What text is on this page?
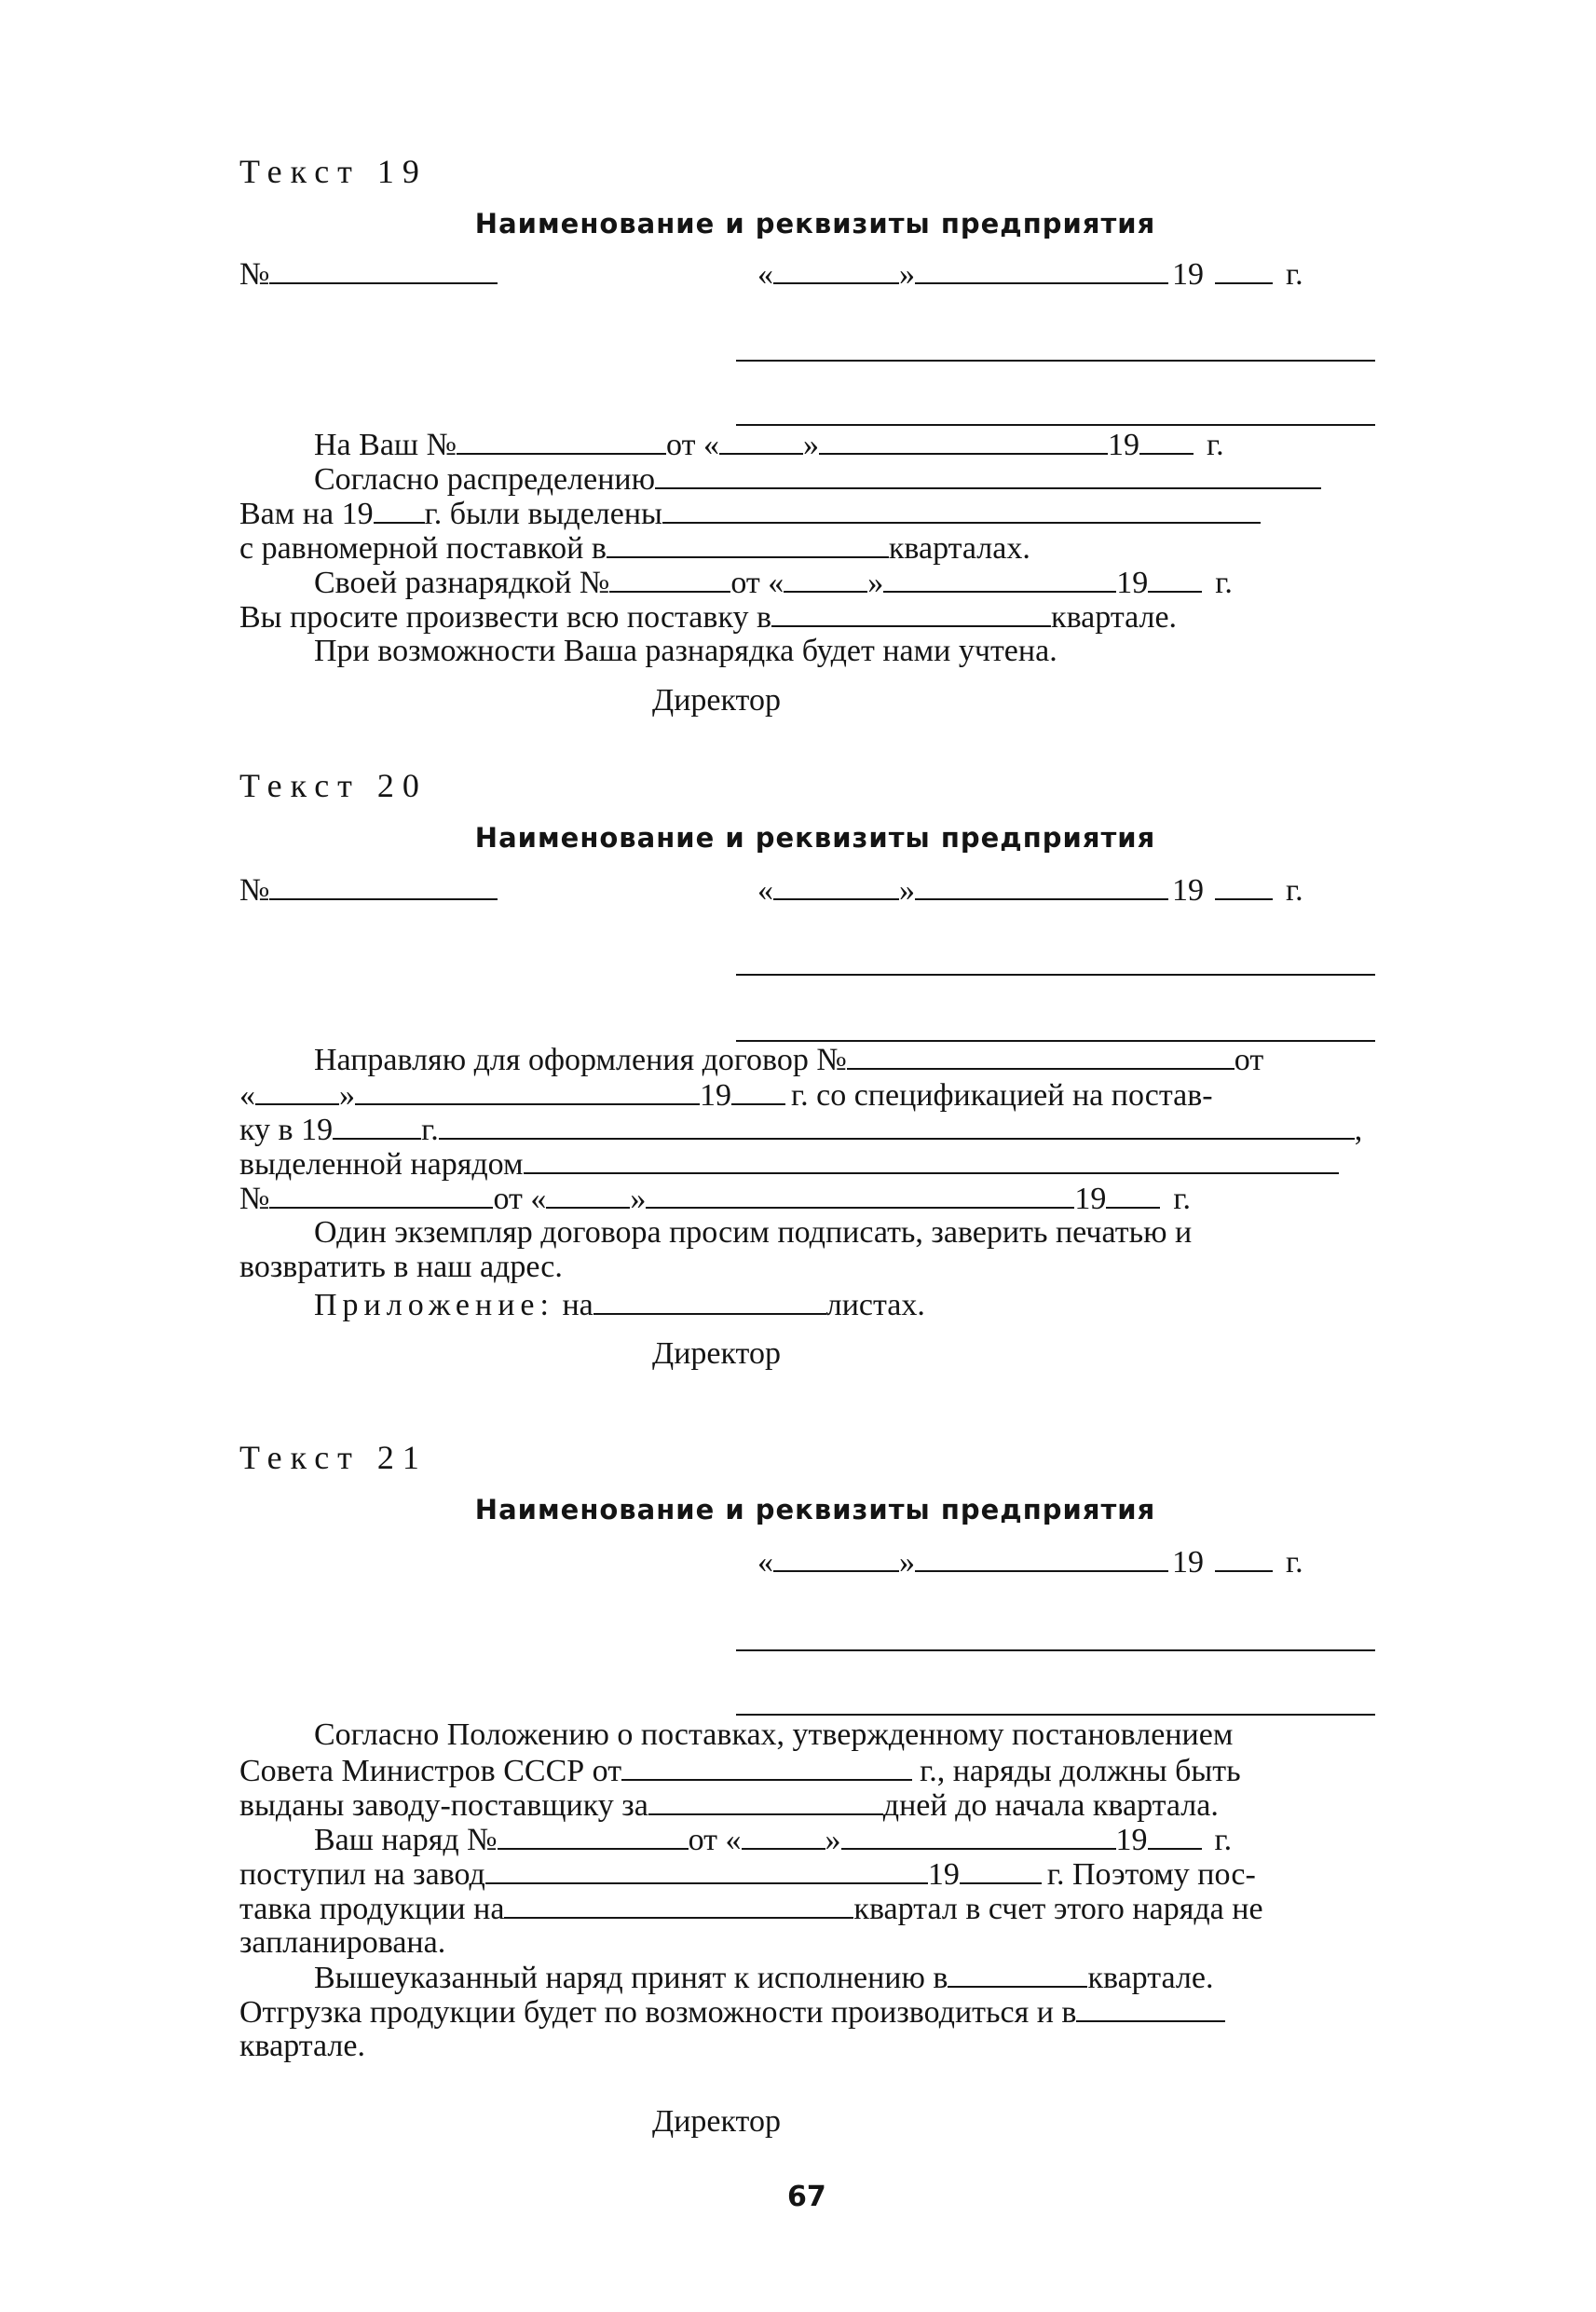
Текст 19
Наименование и реквизиты предприятия
№	«	»	19	г.
На Ваш №	от «	»	19 г.
Согласно распределению
Вам на 19 г. были выделены
с равномерной поставкой в	кварталах.
Своей разнарядкой №	от «	»	19 г.
Вы просите произвести всю поставку в	квартале.
При возможности Ваша разнарядка будет нами учтена.
Директор
Текст 20
Наименование и реквизиты предприятия
№	«	»	19	г.
Направляю для оформления договор №	от
«	»	19 г. со спецификацией на постав-
ку в 19	г.	,
выделенной нарядом
№	от «	»	19 г.
Один экземпляр договора просим подписать, заверить печатью и
возвратить в наш адрес.
Приложение: на	листах.
Директор
Текст 21
Наименование и реквизиты предприятия
«	»	19	г.
Согласно Положению о поставках, утвержденному постановлением
Совета Министров СССР от	г., наряды должны быть
выданы заводу-поставщику за	дней до начала квартала.
Ваш наряд №	от «	»	19 г.
поступил на завод	19	г. Поэтому пос-
тавка продукции на	квартал в счет этого наряда не
запланирована.
Вышеуказанный наряд принят к исполнению в	квартале.
Отгрузка продукции будет по возможности производиться и в
квартале.
Директор
67
